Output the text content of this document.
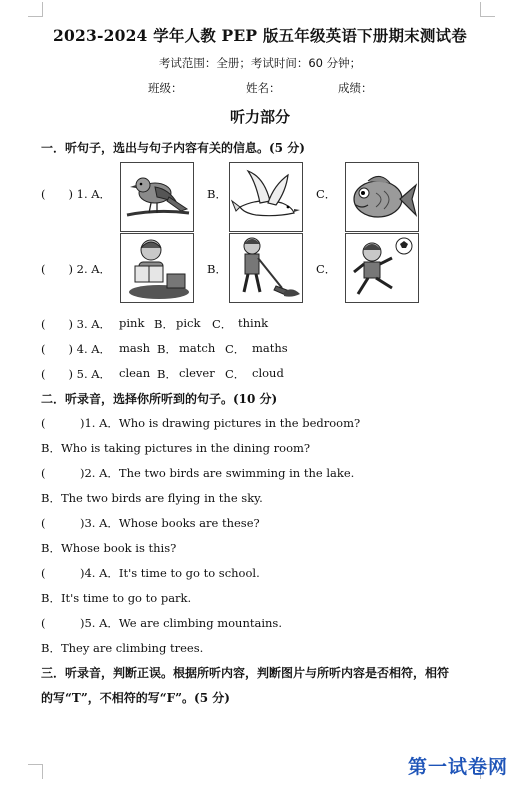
2023-2024 学年人教 PEP 版五年级英语下册期末测试卷
考试范围：全册；考试时间：60 分钟；
班级：	姓名：	成绩：
听力部分
一．听句子，选出与句子内容有关的信息。(5 分)
(　　) 1. A．	B．	C．
(　　) 2. A．	B．	C．
(　　) 3. A． pink B． pick C． think
(　　) 4. A． mash B． match C． maths
(　　) 5. A． clean B． clever C． cloud
二．听录音，选择你所听到的句子。(10 分)
(　　　)1. A．Who is drawing pictures in the bedroom?
B．Who is taking pictures in the dining room?
(　　　)2. A．The two birds are swimming in the lake.
B．The two birds are flying in the sky.
(　　　)3. A．Whose books are these?
B．Whose book is this?
(　　　)4. A．It's time to go to school.
B．It's time to go to park.
(　　　)5. A．We are climbing mountains.
B．They are climbing trees.
三．听录音，判断正误。根据所听内容，判断图片与所听内容是否相符，相符
的写“T”，不相符的写“F”。(5 分)
第一试卷网
